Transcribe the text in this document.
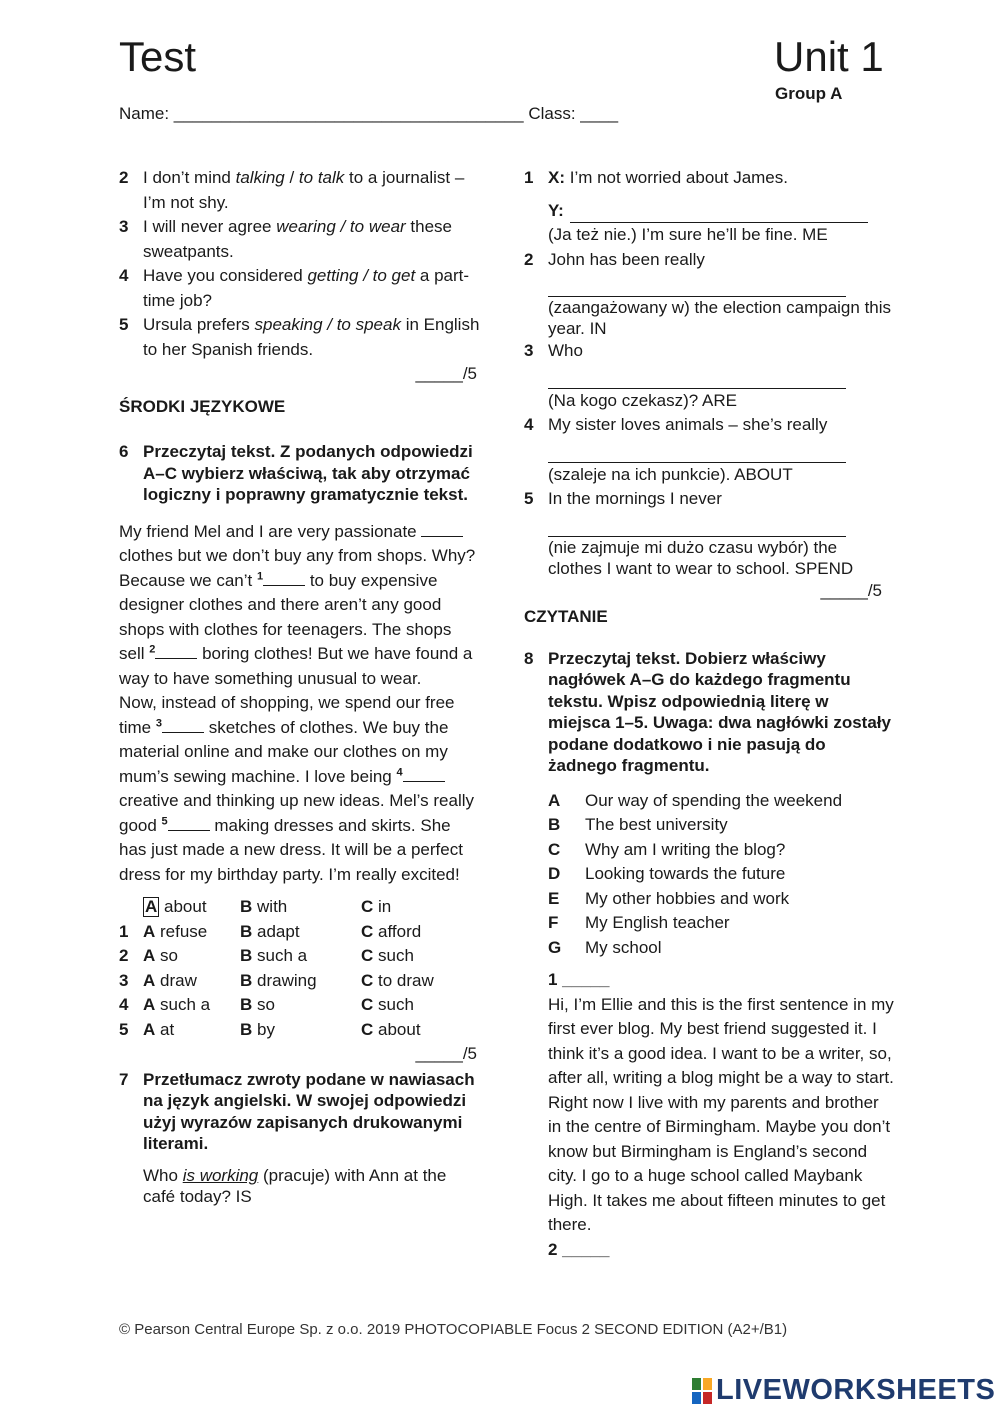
Test	Unit 1
Group A
Name: _____________________________________ Class: ____
2 I don’t mind talking / to talk to a journalist – I’m not shy.
3 I will never agree wearing / to wear these sweatpants.
4 Have you considered getting / to get a part-time job?
5 Ursula prefers speaking / to speak in English to her Spanish friends.
_____/5
ŚRODKI JĘZYKOWE
6 Przeczytaj tekst. Z podanych odpowiedzi A–C wybierz właściwą, tak aby otrzymać logiczny i poprawny gramatycznie tekst.

My friend Mel and I are very passionate  clothes but we don’t buy any from shops. Why? Because we can’t $^1$ to buy expensive designer clothes and there aren’t any good shops with clothes for teenagers. The shops sell $^2$ boring clothes! But we have found a way to have something unusual to wear.

Now, instead of shopping, we spend our free time $^3$ sketches of clothes. We buy the material online and make our clothes on my mum’s sewing machine. I love being $^4$ creative and thinking up new ideas. Mel’s really good $^5$ making dresses and skirts. She has just made a new dress. It will be a perfect dress for my birthday party. I’m really excited!

	A about	B with	C in
1	A refuse	B adapt	C afford
2	A so	B such a	C such
3	A draw	B drawing	C to draw
4	A such a	B so	C such
5	A at	B by	C about
_____/5
7 Przetłumacz zwroty podane w nawiasach na język angielski. W swojej odpowiedzi użyj wyrazów zapisanych drukowanymi literami.
Who is working (pracuje) with Ann at the café today? IS
1 X: I’m not worried about James.
Y:
(Ja też nie.) I’m sure he’ll be fine. ME
2 John has been really
(zaangażowany w) the election campaign this year. IN
3 Who
(Na kogo czekasz)? ARE
4 My sister loves animals – she’s really
(szaleje na ich punkcie). ABOUT
5 In the mornings I never
(nie zajmuje mi dużo czasu wybór) the clothes I want to wear to school. SPEND
_____/5
CZYTANIE
8 Przeczytaj tekst. Dobierz właściwy nagłówek A–G do każdego fragmentu tekstu. Wpisz odpowiednią literę w miejsca 1–5. Uwaga: dwa nagłówki zostały podane dodatkowo i nie pasują do żadnego fragmentu.
A	Our way of spending the weekend
B	The best university
C	Why am I writing the blog?
D	Looking towards the future
E	My other hobbies and work
F	My English teacher
G	My school
1 _____

Hi, I’m Ellie and this is the first sentence in my first ever blog. My best friend suggested it. I think it’s a good idea. I want to be a writer, so, after all, writing a blog might be a way to start. Right now I live with my parents and brother in the centre of Birmingham. Maybe you don’t know but Birmingham is England’s second city. I go to a huge school called Maybank High. It takes me about fifteen minutes to get there.

2 _____
© Pearson Central Europe Sp. z o.o. 2019 PHOTOCOPIABLE Focus 2 SECOND EDITION (A2+/B1)
LIVEWORKSHEETS
